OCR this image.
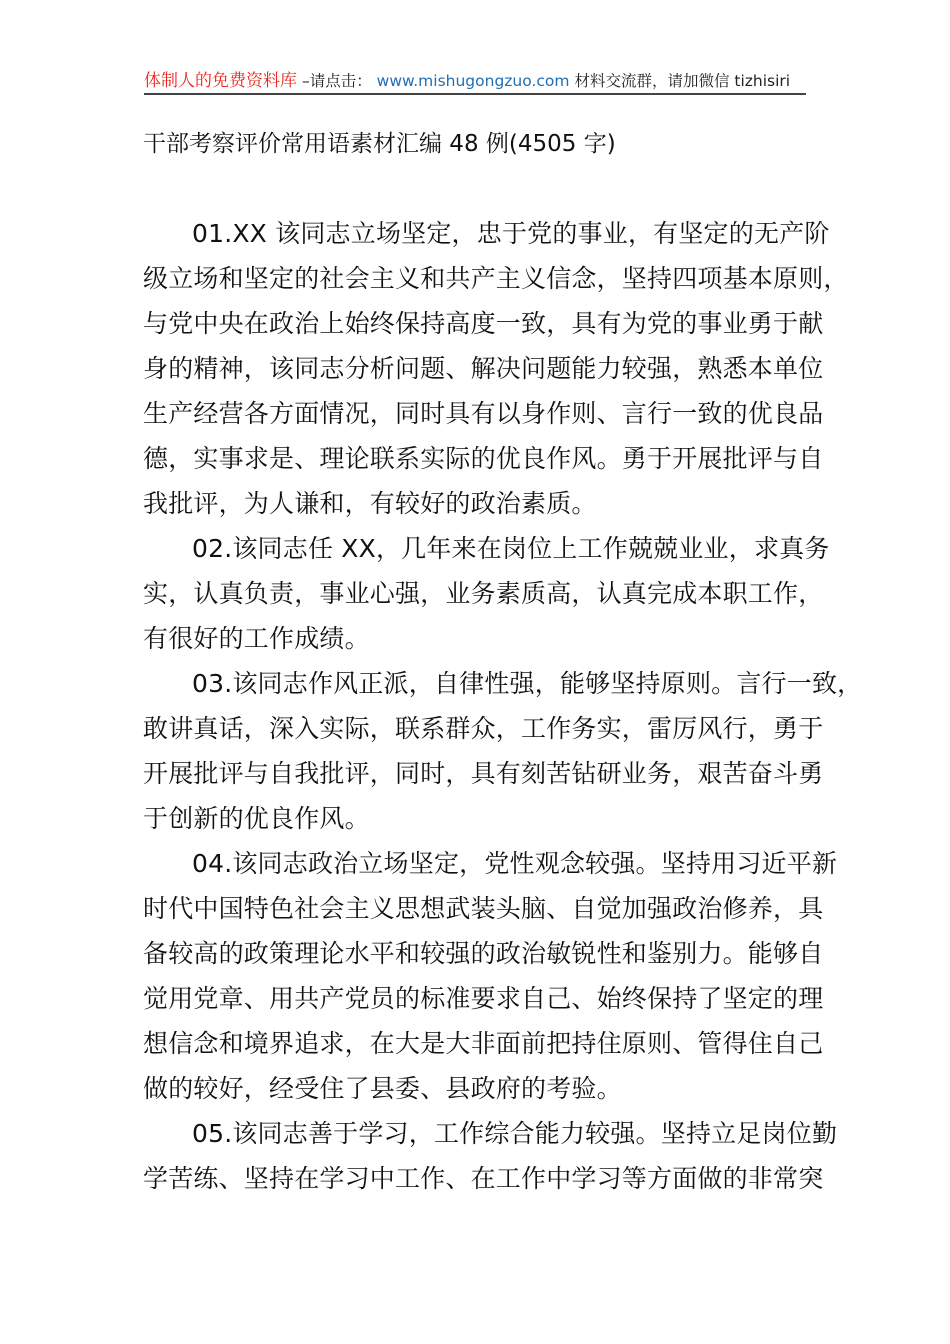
体制人的免费资料库 –请点击： www.mishugongzuo.com 材料交流群，请加微信 tizhisiri
干部考察评价常用语素材汇编 48 例(4505 字)
01.XX 该同志立场坚定，忠于党的事业，有坚定的无产阶
级立场和坚定的社会主义和共产主义信念，坚持四项基本原则，
与党中央在政治上始终保持高度一致，具有为党的事业勇于献
身的精神，该同志分析问题、解决问题能力较强，熟悉本单位
生产经营各方面情况，同时具有以身作则、言行一致的优良品
德，实事求是、理论联系实际的优良作风。勇于开展批评与自
我批评，为人谦和，有较好的政治素质。
02.该同志任 XX，几年来在岗位上工作兢兢业业，求真务
实，认真负责，事业心强，业务素质高，认真完成本职工作，
有很好的工作成绩。
03.该同志作风正派，自律性强，能够坚持原则。言行一致，
敢讲真话，深入实际，联系群众，工作务实，雷厉风行，勇于
开展批评与自我批评，同时，具有刻苦钻研业务，艰苦奋斗勇
于创新的优良作风。
04.该同志政治立场坚定，党性观念较强。坚持用习近平新
时代中国特色社会主义思想武装头脑、自觉加强政治修养，具
备较高的政策理论水平和较强的政治敏锐性和鉴别力。能够自
觉用党章、用共产党员的标准要求自己、始终保持了坚定的理
想信念和境界追求，在大是大非面前把持住原则、管得住自己
做的较好，经受住了县委、县政府的考验。
05.该同志善于学习，工作综合能力较强。坚持立足岗位勤
学苦练、坚持在学习中工作、在工作中学习等方面做的非常突
